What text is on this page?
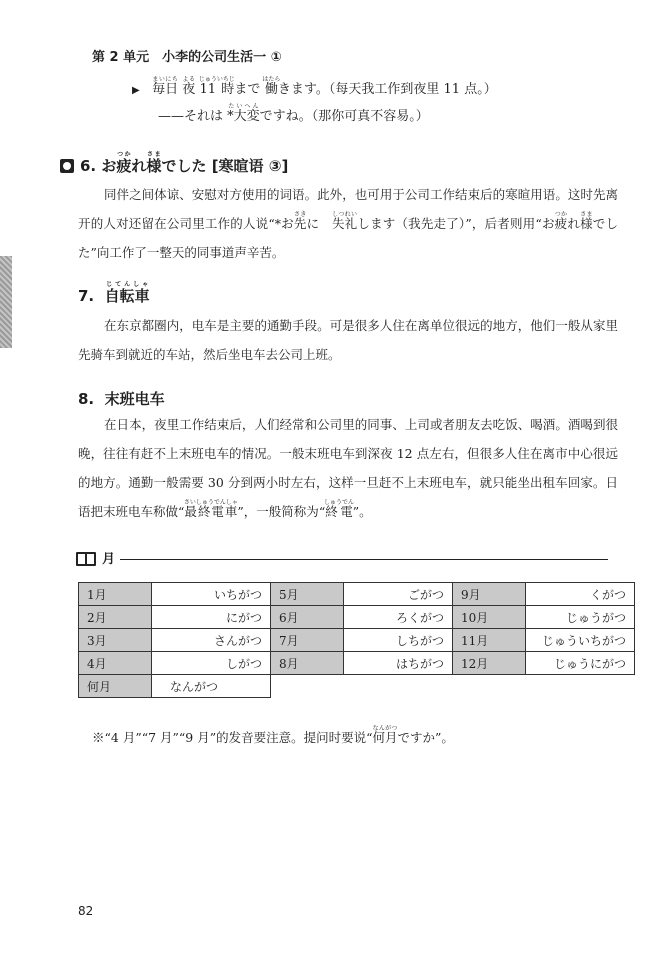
第 2 单元　小李的公司生活一 ①
▶ 毎日まいにち 夜よる 11 時じゅういちじまで 働はたらきます。（每天我工作到夜里 11 点。）
——それは *大変たいへんですね。（那你可真不容易。）
6. お疲つかれ様さまでした [寒暄语 ③]
同伴之间体谅、安慰对方使用的词语。此外，也可用于公司工作结束后的寒暄用语。这时先离开的人对还留在公司里工作的人说“*お先さきに　失礼しつれいします（我先走了）”，后者则用“お疲つかれ様さまでした”向工作了一整天的同事道声辛苦。
7. 自転車じてんしゃ
在东京都圈内，电车是主要的通勤手段。可是很多人住在离单位很远的地方，他们一般从家里先骑车到就近的车站，然后坐电车去公司上班。
8. 末班电车
在日本，夜里工作结束后，人们经常和公司里的同事、上司或者朋友去吃饭、喝酒。酒喝到很晚，往往有赶不上末班电车的情况。一般末班电车到深夜 12 点左右，但很多人住在离市中心很远的地方。通勤一般需要 30 分到两小时左右，这样一旦赶不上末班电车，就只能坐出租车回家。日语把末班电车称做“最終電車さいしゅうでんしゃ”，一般简称为“終電しゅうでん”。
月
1月	いちがつ	5月	ごがつ	9月	くがつ
2月	にがつ	6月	ろくがつ	10月	じゅうがつ
3月	さんがつ	7月	しちがつ	11月	じゅういちがつ
4月	しがつ	8月	はちがつ	12月	じゅうにがつ
何月	なんがつ				
※“4 月”“7 月”“9 月”的发音要注意。提问时要说“何月なんがつですか”。
82
